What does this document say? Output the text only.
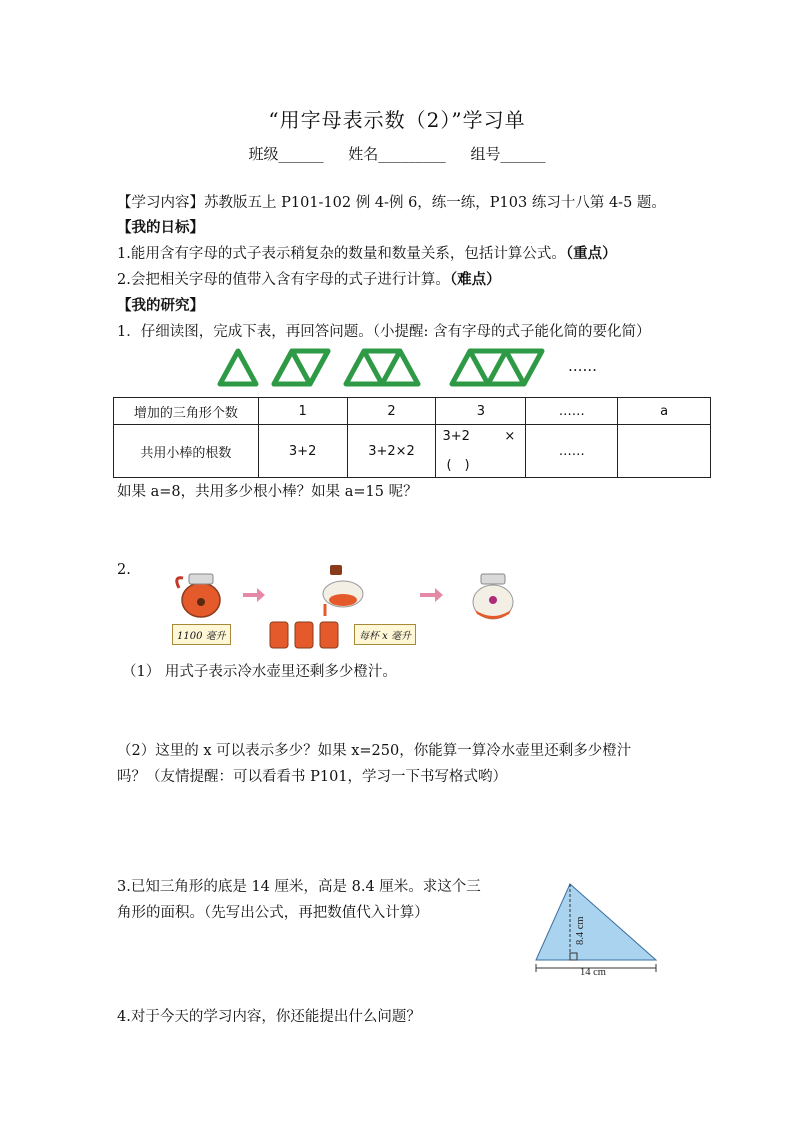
“用字母表示数（2）”学习单
班级______ 姓名_________ 组号______
【学习内容】苏教版五上 P101-102 例 4-例 6，练一练，P103 练习十八第 4-5 题。
【我的日标】
1.能用含有字母的式子表示稍复杂的数量和数量关系，包括计算公式。（重点）
2.会把相关字母的值带入含有字母的式子进行计算。（难点）
【我的研究】
1．仔细读图，完成下表，再回答问题。（小提醒: 含有字母的式子能化简的要化简）
……
增加的三角形个数	1	2	3	……	a
共用小棒的根数	3+2	3+2×2	3+2 ×
(　)	……	
如果 a=8，共用多少根小棒？如果 a=15 呢？
2.
1100 毫升	每杯 x 毫升
（1） 用式子表示冷水壶里还剩多少橙汁。
（2）这里的 x 可以表示多少？如果 x=250，你能算一算冷水壶里还剩多少橙汁
吗？（友情提醒：可以看看书 P101，学习一下书写格式哟）
3.已知三角形的底是 14 厘米，高是 8.4 厘米。求这个三
角形的面积。（先写出公式，再把数值代入计算）
8.4 cm
14 cm
4.对于今天的学习内容，你还能提出什么问题？
